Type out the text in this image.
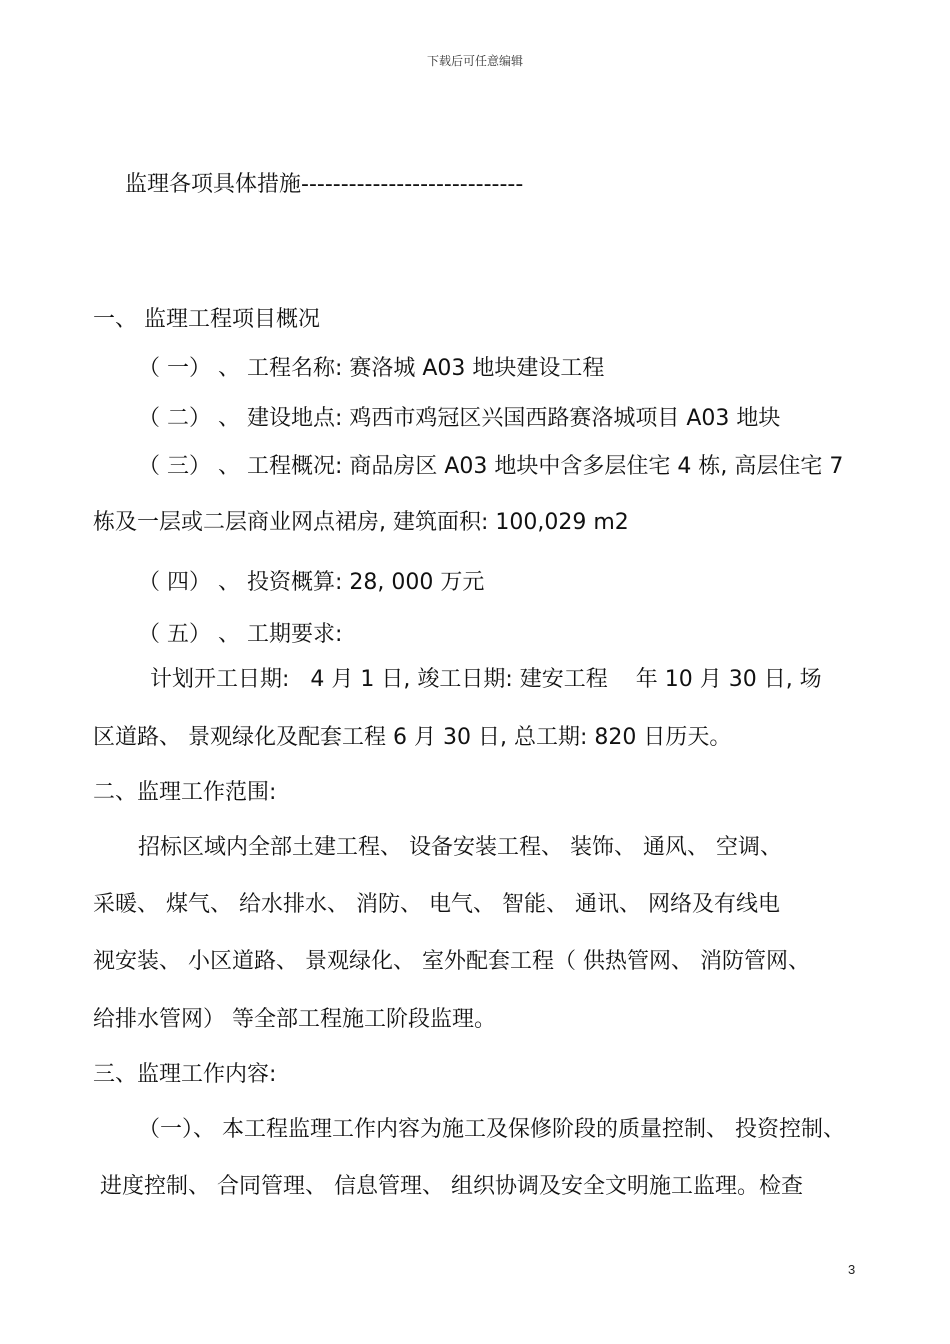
下载后可任意编辑
监理各项具体措施----------------------------
一、 监理工程项目概况
（ 一） 、 工程名称: 赛洛城 A03 地块建设工程
（ 二） 、 建设地点: 鸡西市鸡冠区兴国西路赛洛城项目 A03 地块
（ 三） 、 工程概况: 商品房区 A03 地块中含多层住宅 4 栋, 高层住宅 7
栋及一层或二层商业网点裙房, 建筑面积: 100,029 m2
（ 四） 、 投资概算: 28, 000 万元
（ 五） 、 工期要求:
计划开工日期:   4 月 1 日, 竣工日期: 建安工程    年 10 月 30 日, 场
区道路、 景观绿化及配套工程 6 月 30 日, 总工期: 820 日历天。
二、监理工作范围:
招标区域内全部土建工程、 设备安装工程、 装饰、 通风、 空调、
采暖、 煤气、 给水排水、 消防、 电气、 智能、 通讯、 网络及有线电
视安装、 小区道路、 景观绿化、 室外配套工程（ 供热管网、 消防管网、
给排水管网） 等全部工程施工阶段监理。
三、监理工作内容:
（一）、 本工程监理工作内容为施工及保修阶段的质量控制、 投资控制、
进度控制、 合同管理、 信息管理、 组织协调及安全文明施工监理。检查
3
